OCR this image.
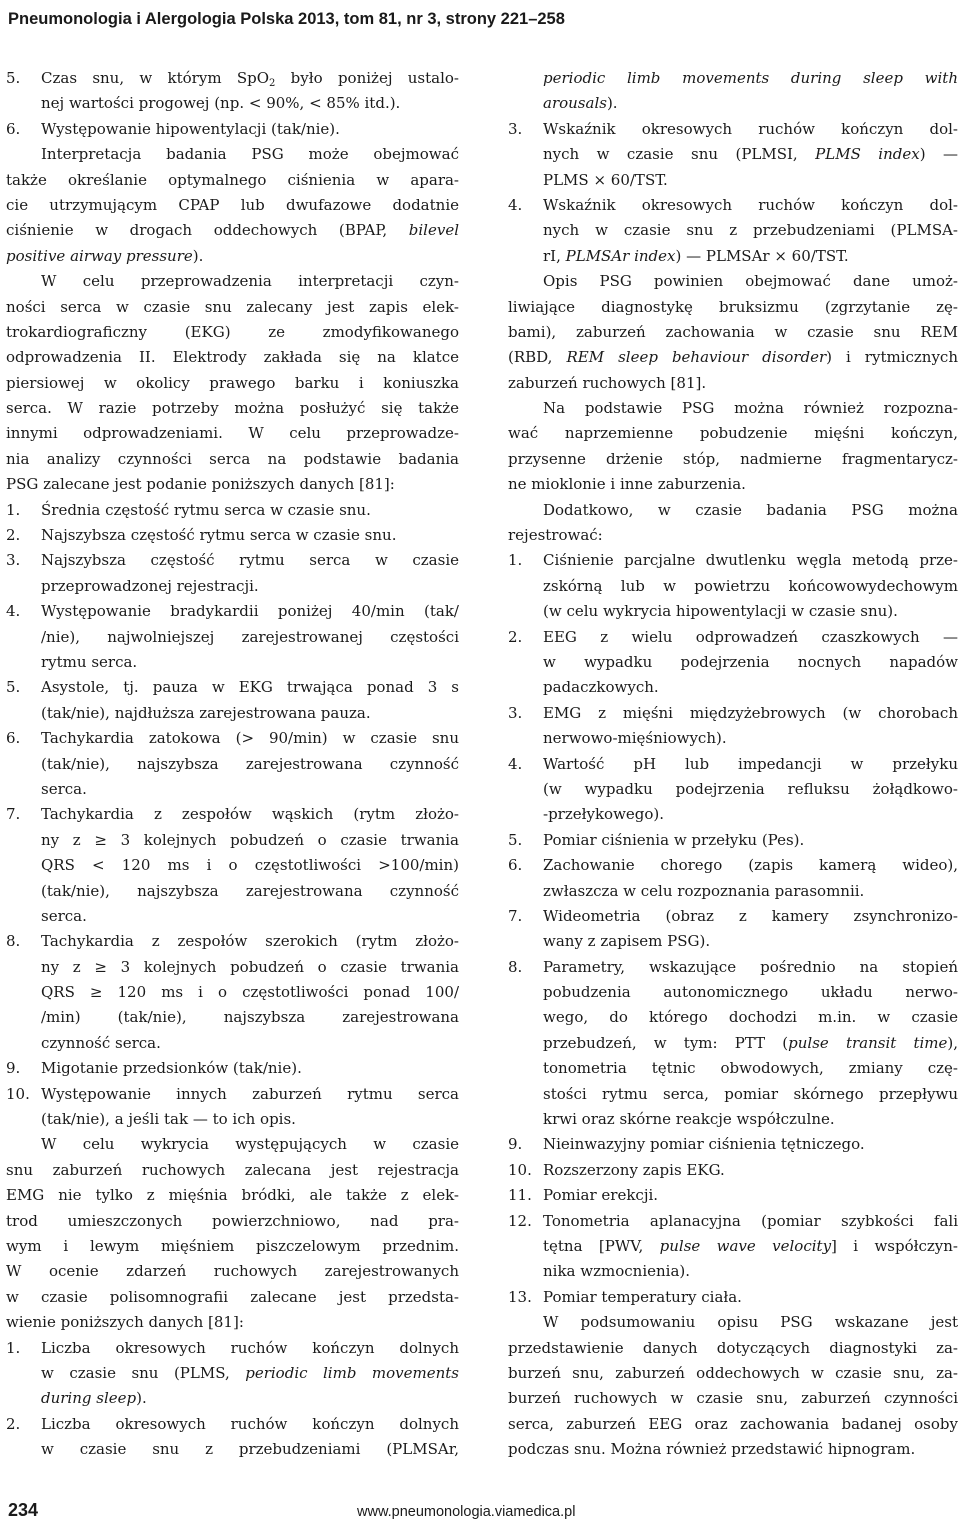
Pneumonologia i Alergologia Polska 2013, tom 81, nr 3, strony 221–258
5. Czas snu, w którym SpO$_2$ było poniżej ustalo-
nej wartości progowej (np. < 90%, < 85% itd.).
6. Występowanie hipowentylacji (tak/nie).
Interpretacja badania PSG może obejmować
także określanie optymalnego ciśnienia w apara-
cie utrzymującym CPAP lub dwufazowe dodatnie
ciśnienie w drogach oddechowych (BPAP, bilevel
positive airway pressure).
W celu przeprowadzenia interpretacji czyn-
ności serca w czasie snu zalecany jest zapis elek-
trokardiograficzny (EKG) ze zmodyfikowanego
odprowadzenia II. Elektrody zakłada się na klatce
piersiowej w okolicy prawego barku i koniuszka
serca. W razie potrzeby można posłużyć się także
innymi odprowadzeniami. W celu przeprowadze-
nia analizy czynności serca na podstawie badania
PSG zalecane jest podanie poniższych danych [81]:
1. Średnia częstość rytmu serca w czasie snu.
2. Najszybsza częstość rytmu serca w czasie snu.
3. Najszybsza częstość rytmu serca w czasie
przeprowadzonej rejestracji.
4. Występowanie bradykardii poniżej 40/min (tak/
/nie), najwolniejszej zarejestrowanej częstości
rytmu serca.
5. Asystole, tj. pauza w EKG trwająca ponad 3 s
(tak/nie), najdłuższa zarejestrowana pauza.
6. Tachykardia zatokowa (> 90/min) w czasie snu
(tak/nie), najszybsza zarejestrowana czynność
serca.
7. Tachykardia z zespołów wąskich (rytm złożo-
ny z ≥ 3 kolejnych pobudzeń o czasie trwania
QRS < 120 ms i o częstotliwości >100/min)
(tak/nie), najszybsza zarejestrowana czynność
serca.
8. Tachykardia z zespołów szerokich (rytm złożo-
ny z ≥ 3 kolejnych pobudzeń o czasie trwania
QRS ≥ 120 ms i o częstotliwości ponad 100/
/min) (tak/nie), najszybsza zarejestrowana
czynność serca.
9. Migotanie przedsionków (tak/nie).
10. Występowanie innych zaburzeń rytmu serca
(tak/nie), a jeśli tak — to ich opis.
W celu wykrycia występujących w czasie
snu zaburzeń ruchowych zalecana jest rejestracja
EMG nie tylko z mięśnia bródki, ale także z elek-
trod umieszczonych powierzchniowo, nad pra-
wym i lewym mięśniem piszczelowym przednim.
W ocenie zdarzeń ruchowych zarejestrowanych
w czasie polisomnografii zalecane jest przedsta-
wienie poniższych danych [81]:
1. Liczba okresowych ruchów kończyn dolnych
w czasie snu (PLMS, periodic limb movements
during sleep).
2. Liczba okresowych ruchów kończyn dolnych
w czasie snu z przebudzeniami (PLMSAr,
periodic limb movements during sleep with
arousals).
3. Wskaźnik okresowych ruchów kończyn dol-
nych w czasie snu (PLMSI, PLMS index) —
PLMS × 60/TST.
4. Wskaźnik okresowych ruchów kończyn dol-
nych w czasie snu z przebudzeniami (PLMSA-
rI, PLMSAr index) — PLMSAr × 60/TST.
Opis PSG powinien obejmować dane umoż-
liwiające diagnostykę bruksizmu (zgrzytanie zę-
bami), zaburzeń zachowania w czasie snu REM
(RBD, REM sleep behaviour disorder) i rytmicznych
zaburzeń ruchowych [81].
Na podstawie PSG można również rozpozna-
wać naprzemienne pobudzenie mięśni kończyn,
przysenne drżenie stóp, nadmierne fragmentarycz-
ne mioklonie i inne zaburzenia.
Dodatkowo, w czasie badania PSG można
rejestrować:
1. Ciśnienie parcjalne dwutlenku węgla metodą prze-
zskórną lub w powietrzu końcowowydechowym
(w celu wykrycia hipowentylacji w czasie snu).
2. EEG z wielu odprowadzeń czaszkowych —
w wypadku podejrzenia nocnych napadów
padaczkowych.
3. EMG z mięśni międzyżebrowych (w chorobach
nerwowo-mięśniowych).
4. Wartość pH lub impedancji w przełyku
(w wypadku podejrzenia refluksu żołądkowo-
-przełykowego).
5. Pomiar ciśnienia w przełyku (Pes).
6. Zachowanie chorego (zapis kamerą wideo),
zwłaszcza w celu rozpoznania parasomnii.
7. Wideometria (obraz z kamery zsynchronizo-
wany z zapisem PSG).
8. Parametry, wskazujące pośrednio na stopień
pobudzenia autonomicznego układu nerwo-
wego, do którego dochodzi m.in. w czasie
przebudzeń, w tym: PTT (pulse transit time),
tonometria tętnic obwodowych, zmiany czę-
stości rytmu serca, pomiar skórnego przepływu
krwi oraz skórne reakcje współczulne.
9. Nieinwazyjny pomiar ciśnienia tętniczego.
10. Rozszerzony zapis EKG.
11. Pomiar erekcji.
12. Tonometria aplanacyjna (pomiar szybkości fali
tętna [PWV, pulse wave velocity] i współczyn-
nika wzmocnienia).
13. Pomiar temperatury ciała.
W podsumowaniu opisu PSG wskazane jest
przedstawienie danych dotyczących diagnostyki za-
burzeń snu, zaburzeń oddechowych w czasie snu, za-
burzeń ruchowych w czasie snu, zaburzeń czynności
serca, zaburzeń EEG oraz zachowania badanej osoby
podczas snu. Można również przedstawić hipnogram.
234	www.pneumonologia.viamedica.pl
